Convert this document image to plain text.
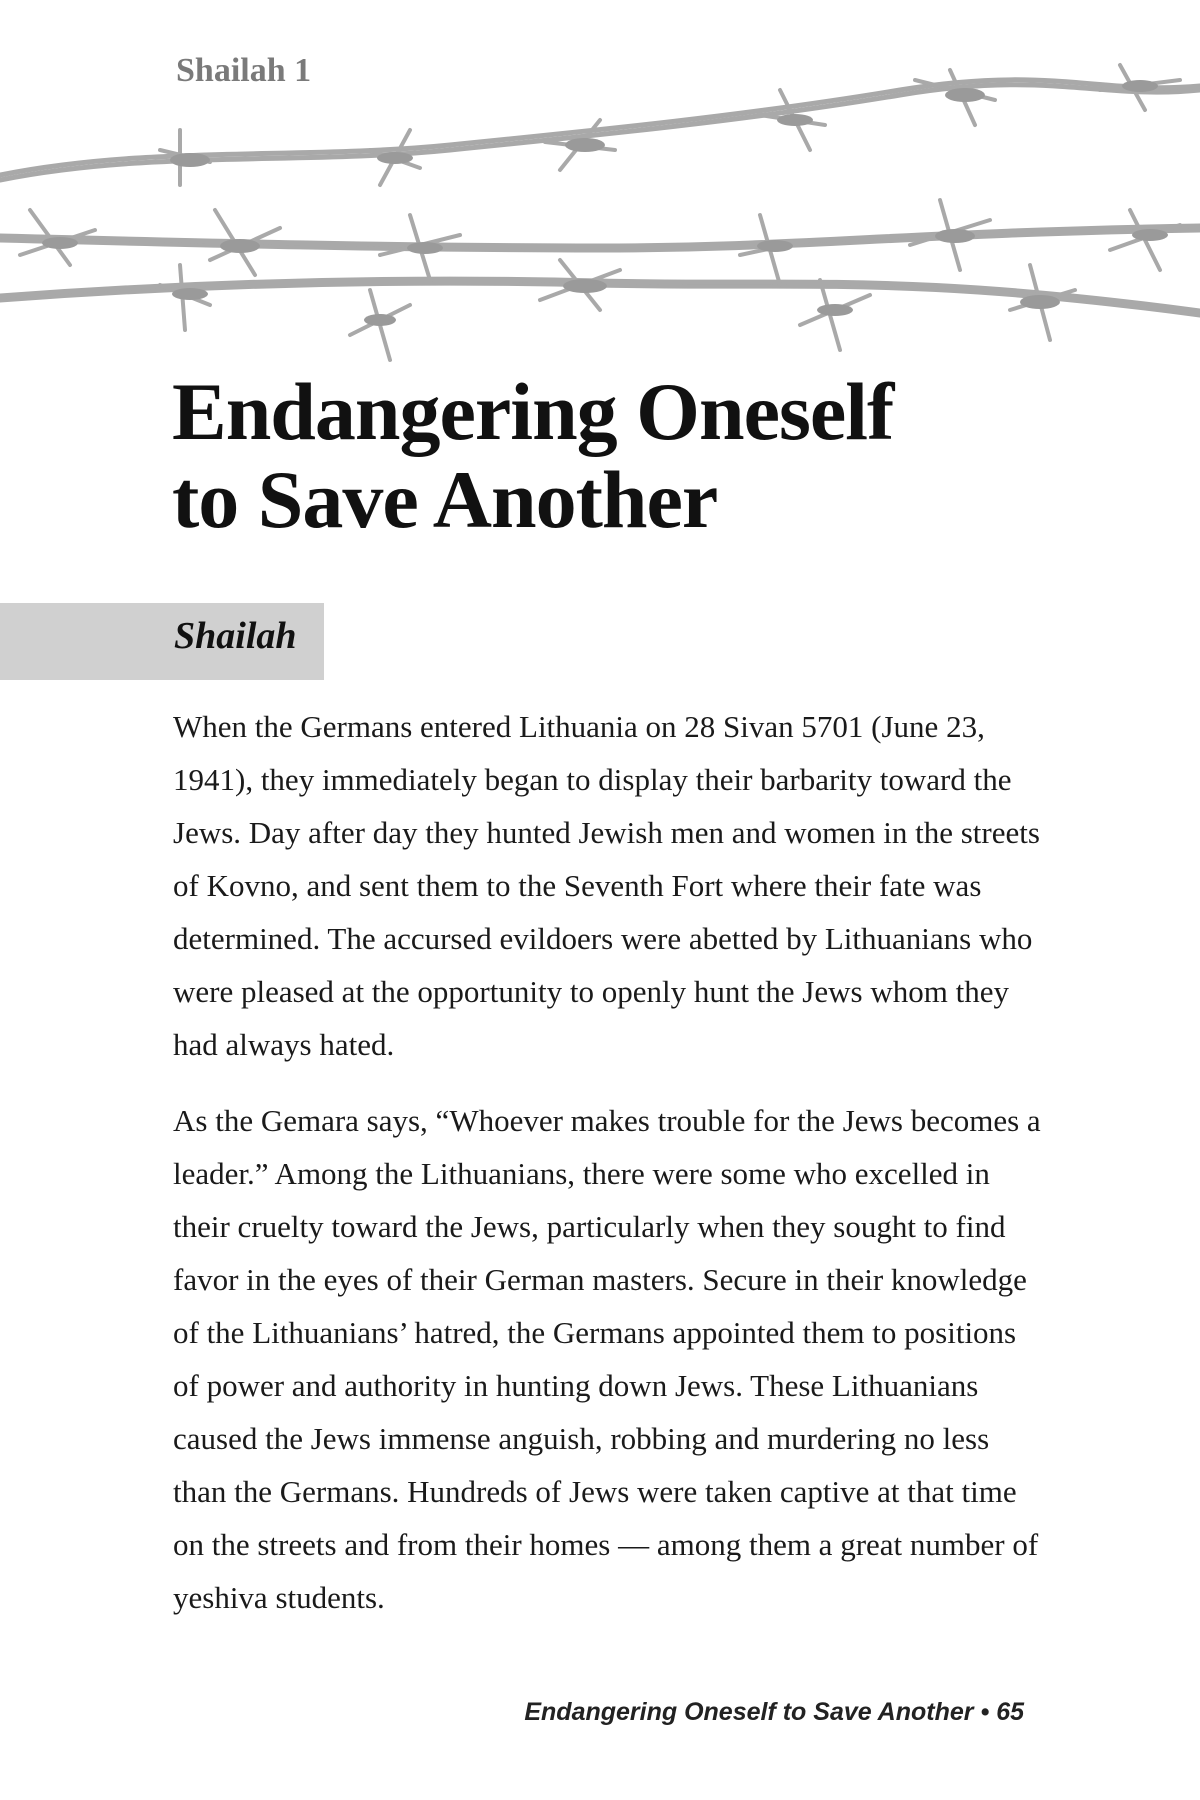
Shailah 1
Endangering Oneself
to Save Another
Shailah

When the Germans entered Lithuania on 28 Sivan 5701 (June 23, 1941), they immediately began to display their barbarity toward the Jews. Day after day they hunted Jewish men and women in the streets of Kovno, and sent them to the Seventh Fort where their fate was determined. The accursed evildoers were abetted by Lithuanians who were pleased at the opportunity to openly hunt the Jews whom they had always hated.

As the Gemara says, “Whoever makes trouble for the Jews becomes a leader.” Among the Lithuanians, there were some who excelled in their cruelty toward the Jews, particularly when they sought to find favor in the eyes of their German masters. Secure in their knowledge of the Lithuanians’ hatred, the Germans appointed them to positions of power and authority in hunting down Jews. These Lithuanians caused the Jews immense anguish, robbing and murdering no less than the Germans. Hundreds of Jews were taken captive at that time on the streets and from their homes — among them a great number of yeshiva students.

Endangering Oneself to Save Another • 65
